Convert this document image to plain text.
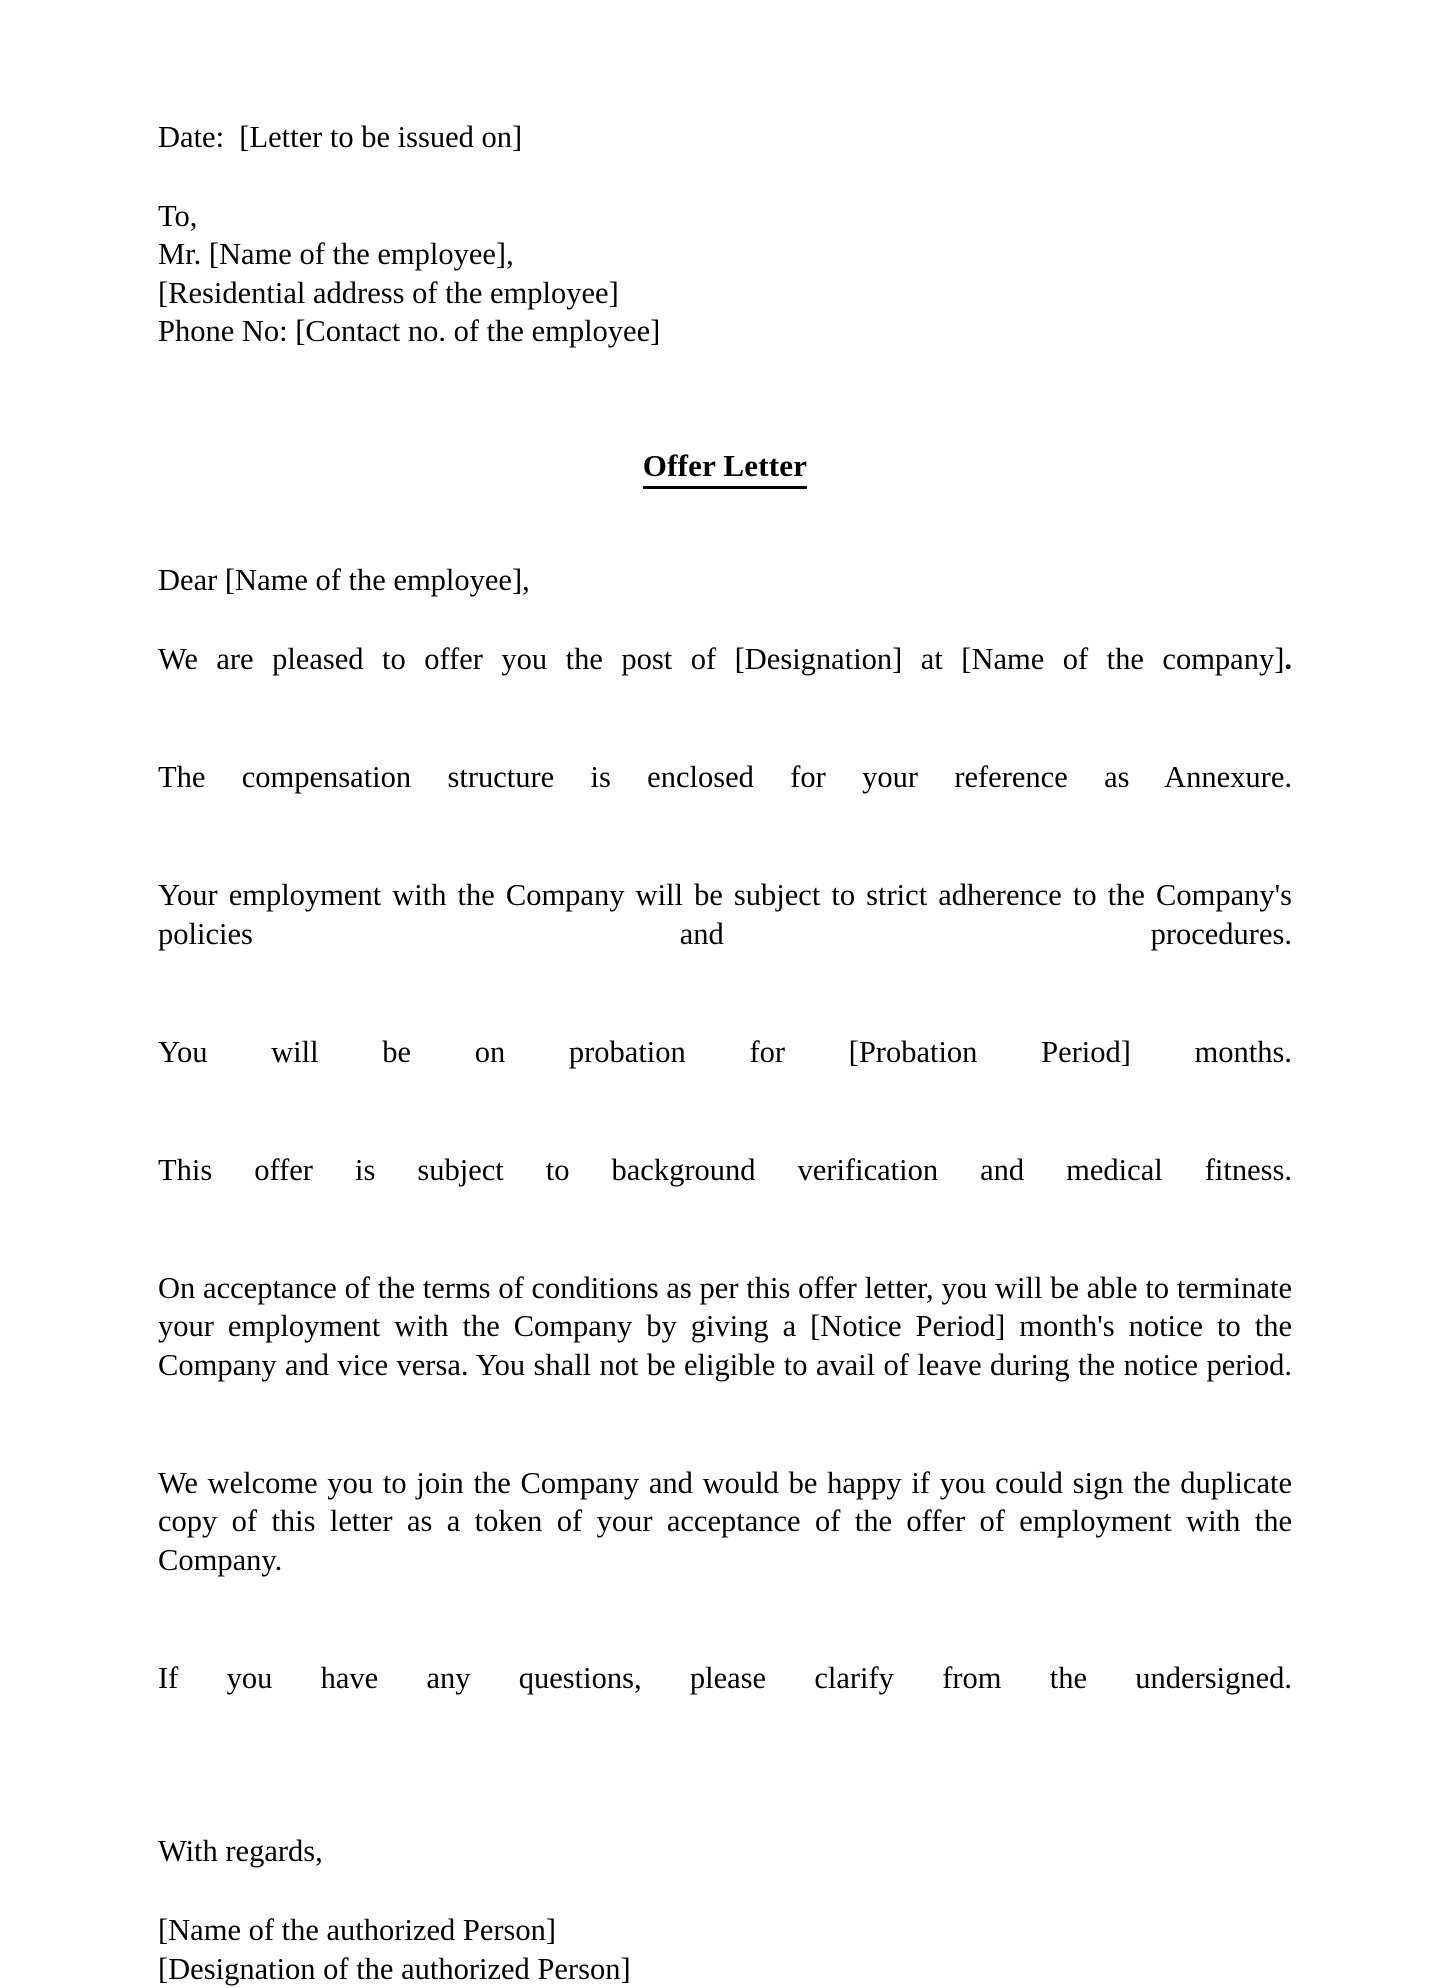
Date:  [Letter to be issued on]

To,

Mr. [Name of the employee],

[Residential address of the employee]

Phone No: [Contact no. of the employee]

Offer Letter

Dear [Name of the employee],

We are pleased to offer you the post of [Designation] at [Name of the company].

The compensation structure is enclosed for your reference as Annexure.

Your employment with the Company will be subject to strict adherence to the Company's policies and procedures.

You will be on probation for [Probation Period] months.

This offer is subject to background verification and medical fitness.

On acceptance of the terms of conditions as per this offer letter, you will be able to terminate your employment with the Company by giving a [Notice Period] month's notice to the Company and vice versa. You shall not be eligible to avail of leave during the notice period.

We welcome you to join the Company and would be happy if you could sign the duplicate copy of this letter as a token of your acceptance of the offer of employment with the Company.

If you have any questions, please clarify from the undersigned.

With regards,

[Name of the authorized Person]

[Designation of the authorized Person]
